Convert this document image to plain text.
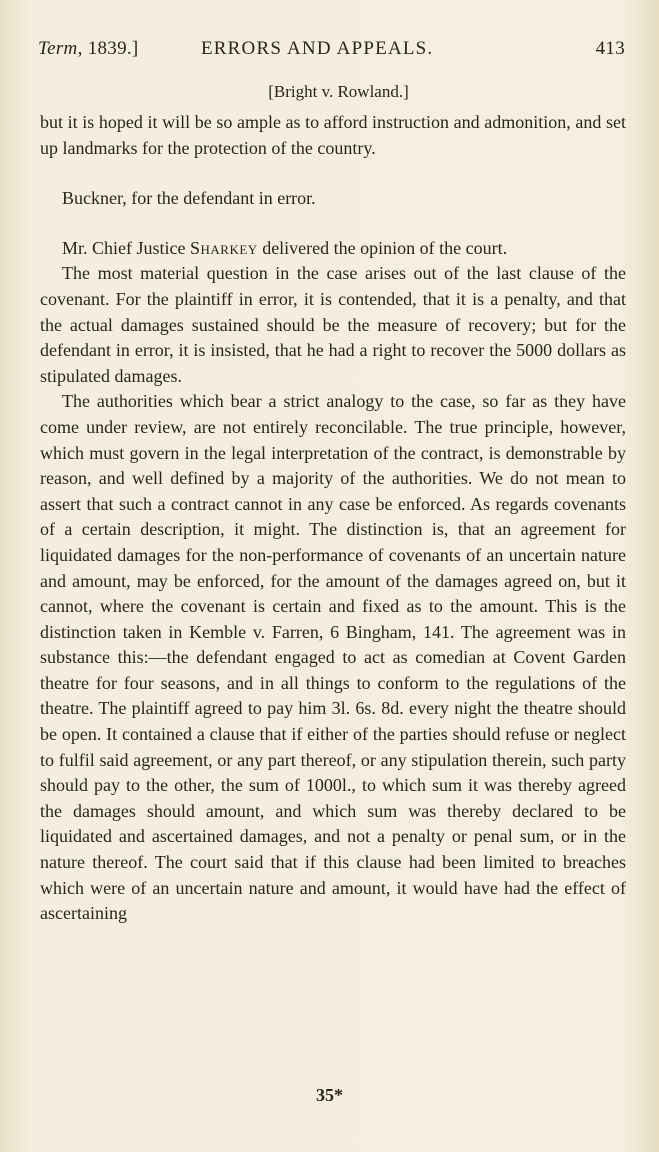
Term, 1839.]	ERRORS AND APPEALS.	413
[Bright v. Rowland.]

but it is hoped it will be so ample as to afford instruction and admonition, and set up landmarks for the protection of the country.

Buckner, for the defendant in error.

Mr. Chief Justice Sharkey delivered the opinion of the court.

The most material question in the case arises out of the last clause of the covenant. For the plaintiff in error, it is contended, that it is a penalty, and that the actual damages sustained should be the measure of recovery; but for the defendant in error, it is insisted, that he had a right to recover the 5000 dollars as stipulated damages.

The authorities which bear a strict analogy to the case, so far as they have come under review, are not entirely reconcilable. The true principle, however, which must govern in the legal interpretation of the contract, is demonstrable by reason, and well defined by a majority of the authorities. We do not mean to assert that such a contract cannot in any case be enforced. As regards covenants of a certain description, it might. The distinction is, that an agreement for liquidated damages for the non-performance of covenants of an uncertain nature and amount, may be enforced, for the amount of the damages agreed on, but it cannot, where the covenant is certain and fixed as to the amount. This is the distinction taken in Kemble v. Farren, 6 Bingham, 141. The agreement was in substance this:—the defendant engaged to act as comedian at Covent Garden theatre for four seasons, and in all things to conform to the regulations of the theatre. The plaintiff agreed to pay him 3l. 6s. 8d. every night the theatre should be open. It contained a clause that if either of the parties should refuse or neglect to fulfil said agreement, or any part thereof, or any stipulation therein, such party should pay to the other, the sum of 1000l., to which sum it was thereby agreed the damages should amount, and which sum was thereby declared to be liquidated and ascertained damages, and not a penalty or penal sum, or in the nature thereof. The court said that if this clause had been limited to breaches which were of an uncertain nature and amount, it would have had the effect of ascertaining

35*
